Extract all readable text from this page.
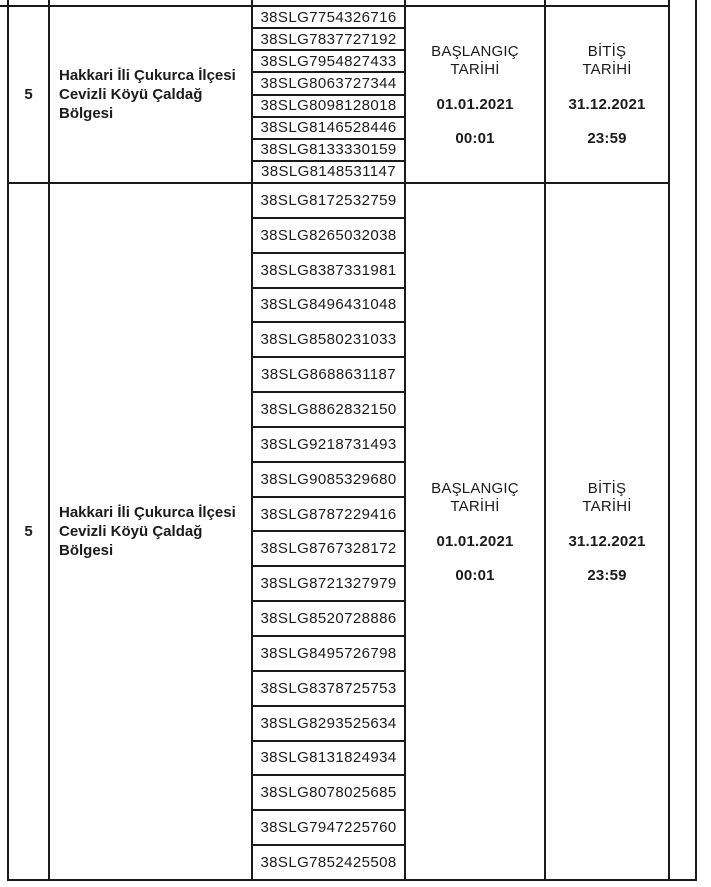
5
Hakkari İli Çukurca İlçesi
Cevizli Köyü Çaldağ
Bölgesi
38SLG7754326716
38SLG7837727192
38SLG7954827433
38SLG8063727344
38SLG8098128018
38SLG8146528446
38SLG8133330159
38SLG8148531147
BAŞLANGIÇ
TARİHİ
01.01.2021
00:01
BİTİŞ
TARİHİ
31.12.2021
23:59
5
Hakkari İli Çukurca İlçesi
Cevizli Köyü Çaldağ
Bölgesi
38SLG8172532759
38SLG8265032038
38SLG8387331981
38SLG8496431048
38SLG8580231033
38SLG8688631187
38SLG8862832150
38SLG9218731493
38SLG9085329680
38SLG8787229416
38SLG8767328172
38SLG8721327979
38SLG8520728886
38SLG8495726798
38SLG8378725753
38SLG8293525634
38SLG8131824934
38SLG8078025685
38SLG7947225760
38SLG7852425508
BAŞLANGIÇ
TARİHİ
01.01.2021
00:01
BİTİŞ
TARİHİ
31.12.2021
23:59
